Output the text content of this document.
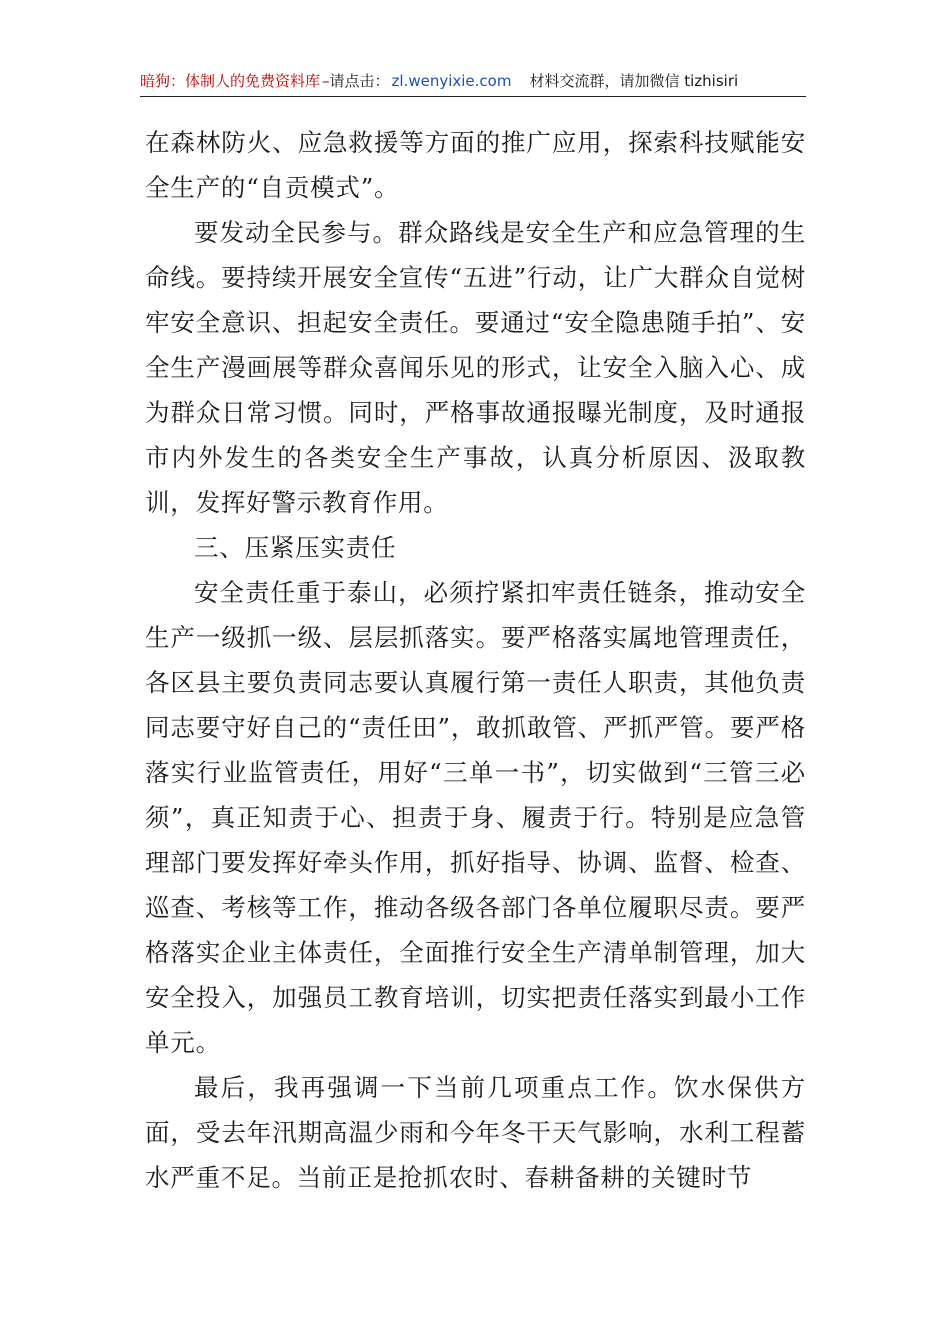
暗狗：体制人的免费资料库 –请点击： zl.wenyixie.com 材料交流群，请加微信 tizhisiri

在森林防火、应急救援等方面的推广应用，探索科技赋能安全生产的“自贡模式”。

要发动全民参与。群众路线是安全生产和应急管理的生命线。要持续开展安全宣传“五进”行动，让广大群众自觉树牢安全意识、担起安全责任。要通过“安全隐患随手拍”、安全生产漫画展等群众喜闻乐见的形式，让安全入脑入心、成为群众日常习惯。同时，严格事故通报曝光制度，及时通报市内外发生的各类安全生产事故，认真分析原因、汲取教训，发挥好警示教育作用。

三、压紧压实责任

安全责任重于泰山，必须拧紧扣牢责任链条，推动安全生产一级抓一级、层层抓落实。要严格落实属地管理责任，各区县主要负责同志要认真履行第一责任人职责，其他负责同志要守好自己的“责任田”，敢抓敢管、严抓严管。要严格落实行业监管责任，用好“三单一书”，切实做到“三管三必须”，真正知责于心、担责于身、履责于行。特别是应急管理部门要发挥好牵头作用，抓好指导、协调、监督、检查、巡查、考核等工作，推动各级各部门各单位履职尽责。要严格落实企业主体责任，全面推行安全生产清单制管理，加大安全投入，加强员工教育培训，切实把责任落实到最小工作单元。

最后，我再强调一下当前几项重点工作。饮水保供方面，受去年汛期高温少雨和今年冬干天气影响，水利工程蓄水严重不足。当前正是抢抓农时、春耕备耕的关键时节
